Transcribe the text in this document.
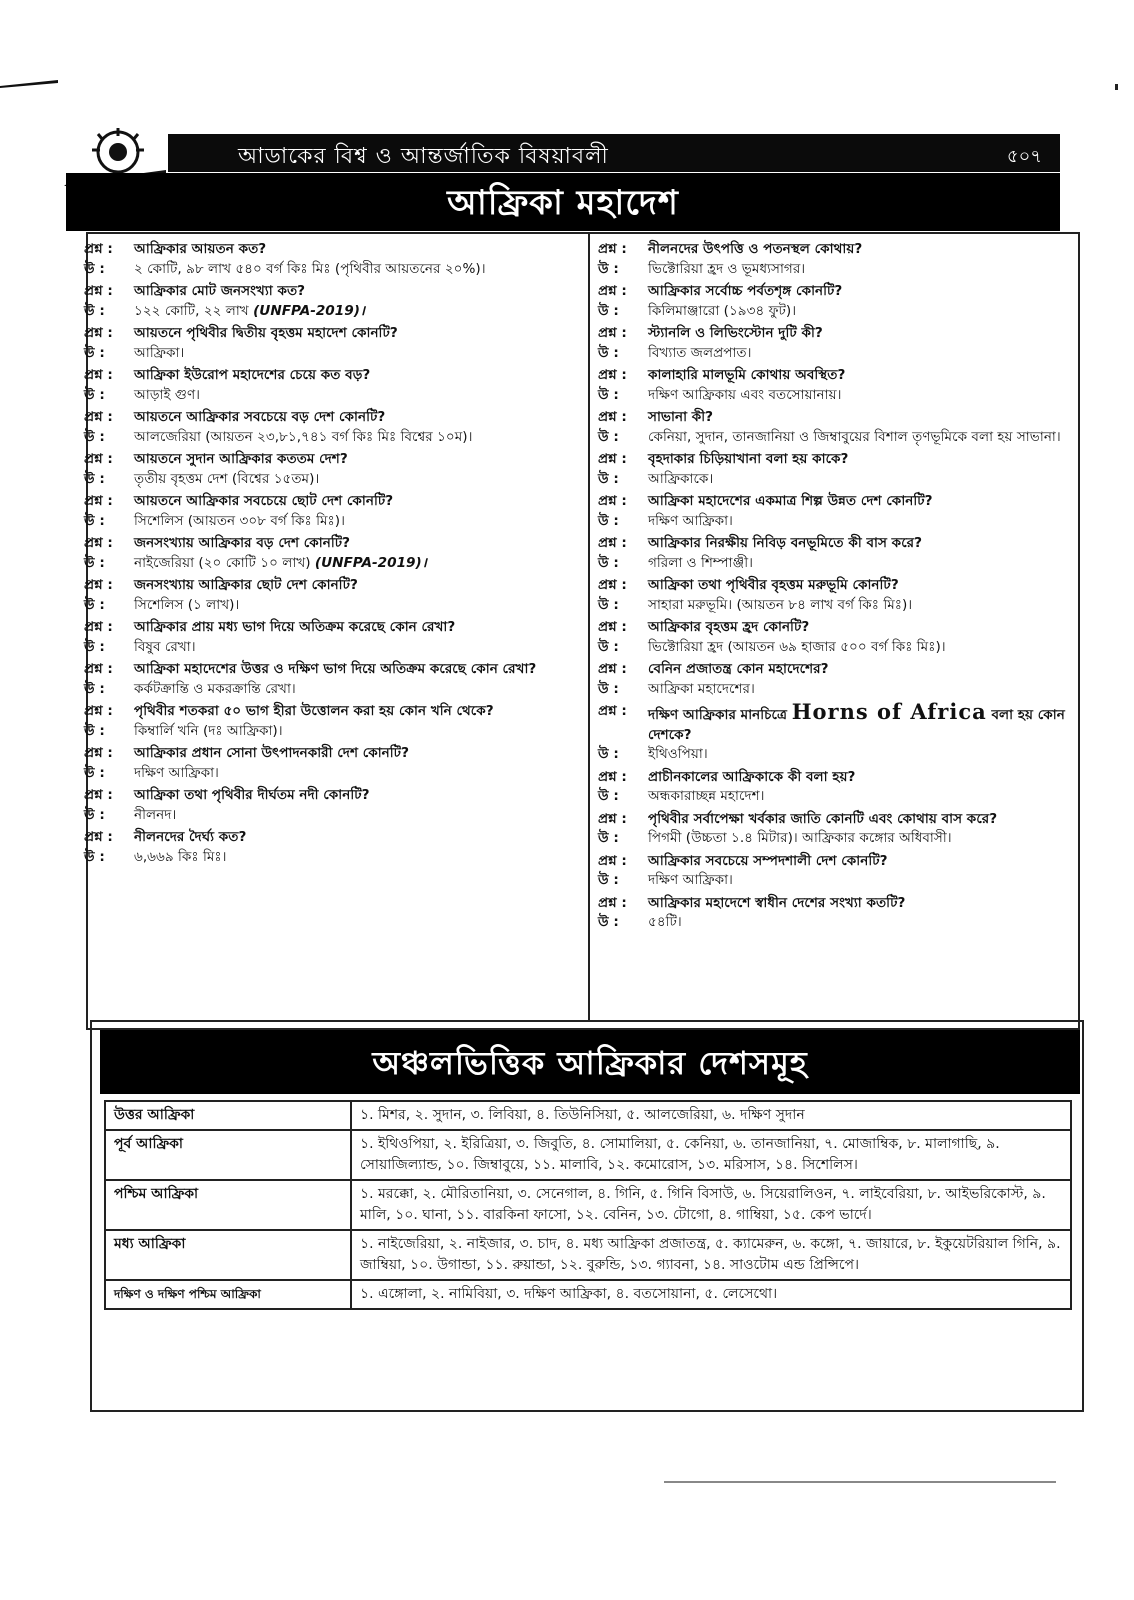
আডাকের বিশ্ব ও আন্তর্জাতিক বিষয়াবলী	৫০৭
আফ্রিকা মহাদেশ
প্রশ্ন :	আফ্রিকার আয়তন কত?
উ :	২ কোটি, ৯৮ লাখ ৫৪০ বর্গ কিঃ মিঃ (পৃথিবীর আয়তনের ২০%)।
প্রশ্ন :	আফ্রিকার মোট জনসংখ্যা কত?
উ :	১২২ কোটি, ২২ লাখ (UNFPA-2019)।
প্রশ্ন :	আয়তনে পৃথিবীর দ্বিতীয় বৃহত্তম মহাদেশ কোনটি?
উ :	আফ্রিকা।
প্রশ্ন :	আফ্রিকা ইউরোপ মহাদেশের চেয়ে কত বড়?
উ :	আড়াই গুণ।
প্রশ্ন :	আয়তনে আফ্রিকার সবচেয়ে বড় দেশ কোনটি?
উ :	আলজেরিয়া (আয়তন ২৩,৮১,৭৪১ বর্গ কিঃ মিঃ বিশ্বের ১০ম)।
প্রশ্ন :	আয়তনে সুদান আফ্রিকার কততম দেশ?
উ :	তৃতীয় বৃহত্তম দেশ (বিশ্বের ১৫তম)।
প্রশ্ন :	আয়তনে আফ্রিকার সবচেয়ে ছোট দেশ কোনটি?
উ :	সিশেলিস (আয়তন ৩০৮ বর্গ কিঃ মিঃ)।
প্রশ্ন :	জনসংখ্যায় আফ্রিকার বড় দেশ কোনটি?
উ :	নাইজেরিয়া (২০ কোটি ১০ লাখ) (UNFPA-2019)।
প্রশ্ন :	জনসংখ্যায় আফ্রিকার ছোট দেশ কোনটি?
উ :	সিশেলিস (১ লাখ)।
প্রশ্ন :	আফ্রিকার প্রায় মধ্য ভাগ দিয়ে অতিক্রম করেছে কোন রেখা?
উ :	বিষুব রেখা।
প্রশ্ন :	আফ্রিকা মহাদেশের উত্তর ও দক্ষিণ ভাগ দিয়ে অতিক্রম করেছে কোন রেখা?
উ :	কর্কটক্রান্তি ও মকরক্রান্তি রেখা।
প্রশ্ন :	পৃথিবীর শতকরা ৫০ ভাগ হীরা উত্তোলন করা হয় কোন খনি থেকে?
উ :	কিম্বার্লি খনি (দঃ আফ্রিকা)।
প্রশ্ন :	আফ্রিকার প্রধান সোনা উৎপাদনকারী দেশ কোনটি?
উ :	দক্ষিণ আফ্রিকা।
প্রশ্ন :	আফ্রিকা তথা পৃথিবীর দীর্ঘতম নদী কোনটি?
উ :	নীলনদ।
প্রশ্ন :	নীলনদের দৈর্ঘ্য কত?
উ :	৬,৬৬৯ কিঃ মিঃ।
প্রশ্ন :	নীলনদের উৎপত্তি ও পতনস্থল কোথায়?
উ :	ভিক্টোরিয়া হ্রদ ও ভূমধ্যসাগর।
প্রশ্ন :	আফ্রিকার সর্বোচ্চ পর্বতশৃঙ্গ কোনটি?
উ :	কিলিমাঞ্জারো (১৯৩৪ ফুট)।
প্রশ্ন :	স্ট্যানলি ও লিভিংস্টোন দুটি কী?
উ :	বিখ্যাত জলপ্রপাত।
প্রশ্ন :	কালাহারি মালভূমি কোথায় অবস্থিত?
উ :	দক্ষিণ আফ্রিকায় এবং বতসোয়ানায়।
প্রশ্ন :	সাভানা কী?
উ :	কেনিয়া, সুদান, তানজানিয়া ও জিম্বাবুয়ের বিশাল তৃণভূমিকে বলা হয় সাভানা।
প্রশ্ন :	বৃহদাকার চিড়িয়াখানা বলা হয় কাকে?
উ :	আফ্রিকাকে।
প্রশ্ন :	আফ্রিকা মহাদেশের একমাত্র শিল্প উন্নত দেশ কোনটি?
উ :	দক্ষিণ আফ্রিকা।
প্রশ্ন :	আফ্রিকার নিরক্ষীয় নিবিড় বনভূমিতে কী বাস করে?
উ :	গরিলা ও শিম্পাঞ্জী।
প্রশ্ন :	আফ্রিকা তথা পৃথিবীর বৃহত্তম মরুভূমি কোনটি?
উ :	সাহারা মরুভূমি। (আয়তন ৮৪ লাখ বর্গ কিঃ মিঃ)।
প্রশ্ন :	আফ্রিকার বৃহত্তম হ্রদ কোনটি?
উ :	ভিক্টোরিয়া হ্রদ (আয়তন ৬৯ হাজার ৫০০ বর্গ কিঃ মিঃ)।
প্রশ্ন :	বেনিন প্রজাতন্ত্র কোন মহাদেশের?
উ :	আফ্রিকা মহাদেশের।
প্রশ্ন :	দক্ষিণ আফ্রিকার মানচিত্রে Horns of Africa বলা হয় কোন দেশকে?
উ :	ইথিওপিয়া।
প্রশ্ন :	প্রাচীনকালের আফ্রিকাকে কী বলা হয়?
উ :	অন্ধকারাচ্ছন্ন মহাদেশ।
প্রশ্ন :	পৃথিবীর সর্বাপেক্ষা খর্বকার জাতি কোনটি এবং কোথায় বাস করে?
উ :	পিগমী (উচ্চতা ১.৪ মিটার)। আফ্রিকার কঙ্গোর অধিবাসী।
প্রশ্ন :	আফ্রিকার সবচেয়ে সম্পদশালী দেশ কোনটি?
উ :	দক্ষিণ আফ্রিকা।
প্রশ্ন :	আফ্রিকার মহাদেশে স্বাধীন দেশের সংখ্যা কতটি?
উ :	৫৪টি।
অঞ্চলভিত্তিক আফ্রিকার দেশসমূহ
উত্তর আফ্রিকা	১. মিশর, ২. সুদান, ৩. লিবিয়া, ৪. তিউনিসিয়া, ৫. আলজেরিয়া, ৬. দক্ষিণ সুদান
পূর্ব আফ্রিকা	১. ইথিওপিয়া, ২. ইরিত্রিয়া, ৩. জিবুতি, ৪. সোমালিয়া, ৫. কেনিয়া, ৬. তানজানিয়া, ৭. মোজাম্বিক, ৮. মালাগাছি, ৯. সোয়াজিল্যান্ড, ১০. জিম্বাবুয়ে, ১১. মালাবি, ১২. কমোরোস, ১৩. মরিসাস, ১৪. সিশেলিস।
পশ্চিম আফ্রিকা	১. মরক্কো, ২. মৌরিতানিয়া, ৩. সেনেগাল, ৪. গিনি, ৫. গিনি বিসাউ, ৬. সিয়েরালিওন, ৭. লাইবেরিয়া, ৮. আইভরিকোস্ট, ৯. মালি, ১০. ঘানা, ১১. বারকিনা ফাসো, ১২. বেনিন, ১৩. টোগো, ৪. গাম্বিয়া, ১৫. কেপ ভার্দে।
মধ্য আফ্রিকা	১. নাইজেরিয়া, ২. নাইজার, ৩. চাদ, ৪. মধ্য আফ্রিকা প্রজাতন্ত্র, ৫. ক্যামেরুন, ৬. কঙ্গো, ৭. জায়ারে, ৮. ইকুয়েটরিয়াল গিনি, ৯. জাম্বিয়া, ১০. উগান্ডা, ১১. রুয়ান্ডা, ১২. বুরুন্ডি, ১৩. গ্যাবনা, ১৪. সাওটোম এন্ড প্রিন্সিপে।
দক্ষিণ ও দক্ষিণ পশ্চিম আফ্রিকা	১. এঙ্গোলা, ২. নামিবিয়া, ৩. দক্ষিণ আফ্রিকা, ৪. বতসোয়ানা, ৫. লেসেথো।
